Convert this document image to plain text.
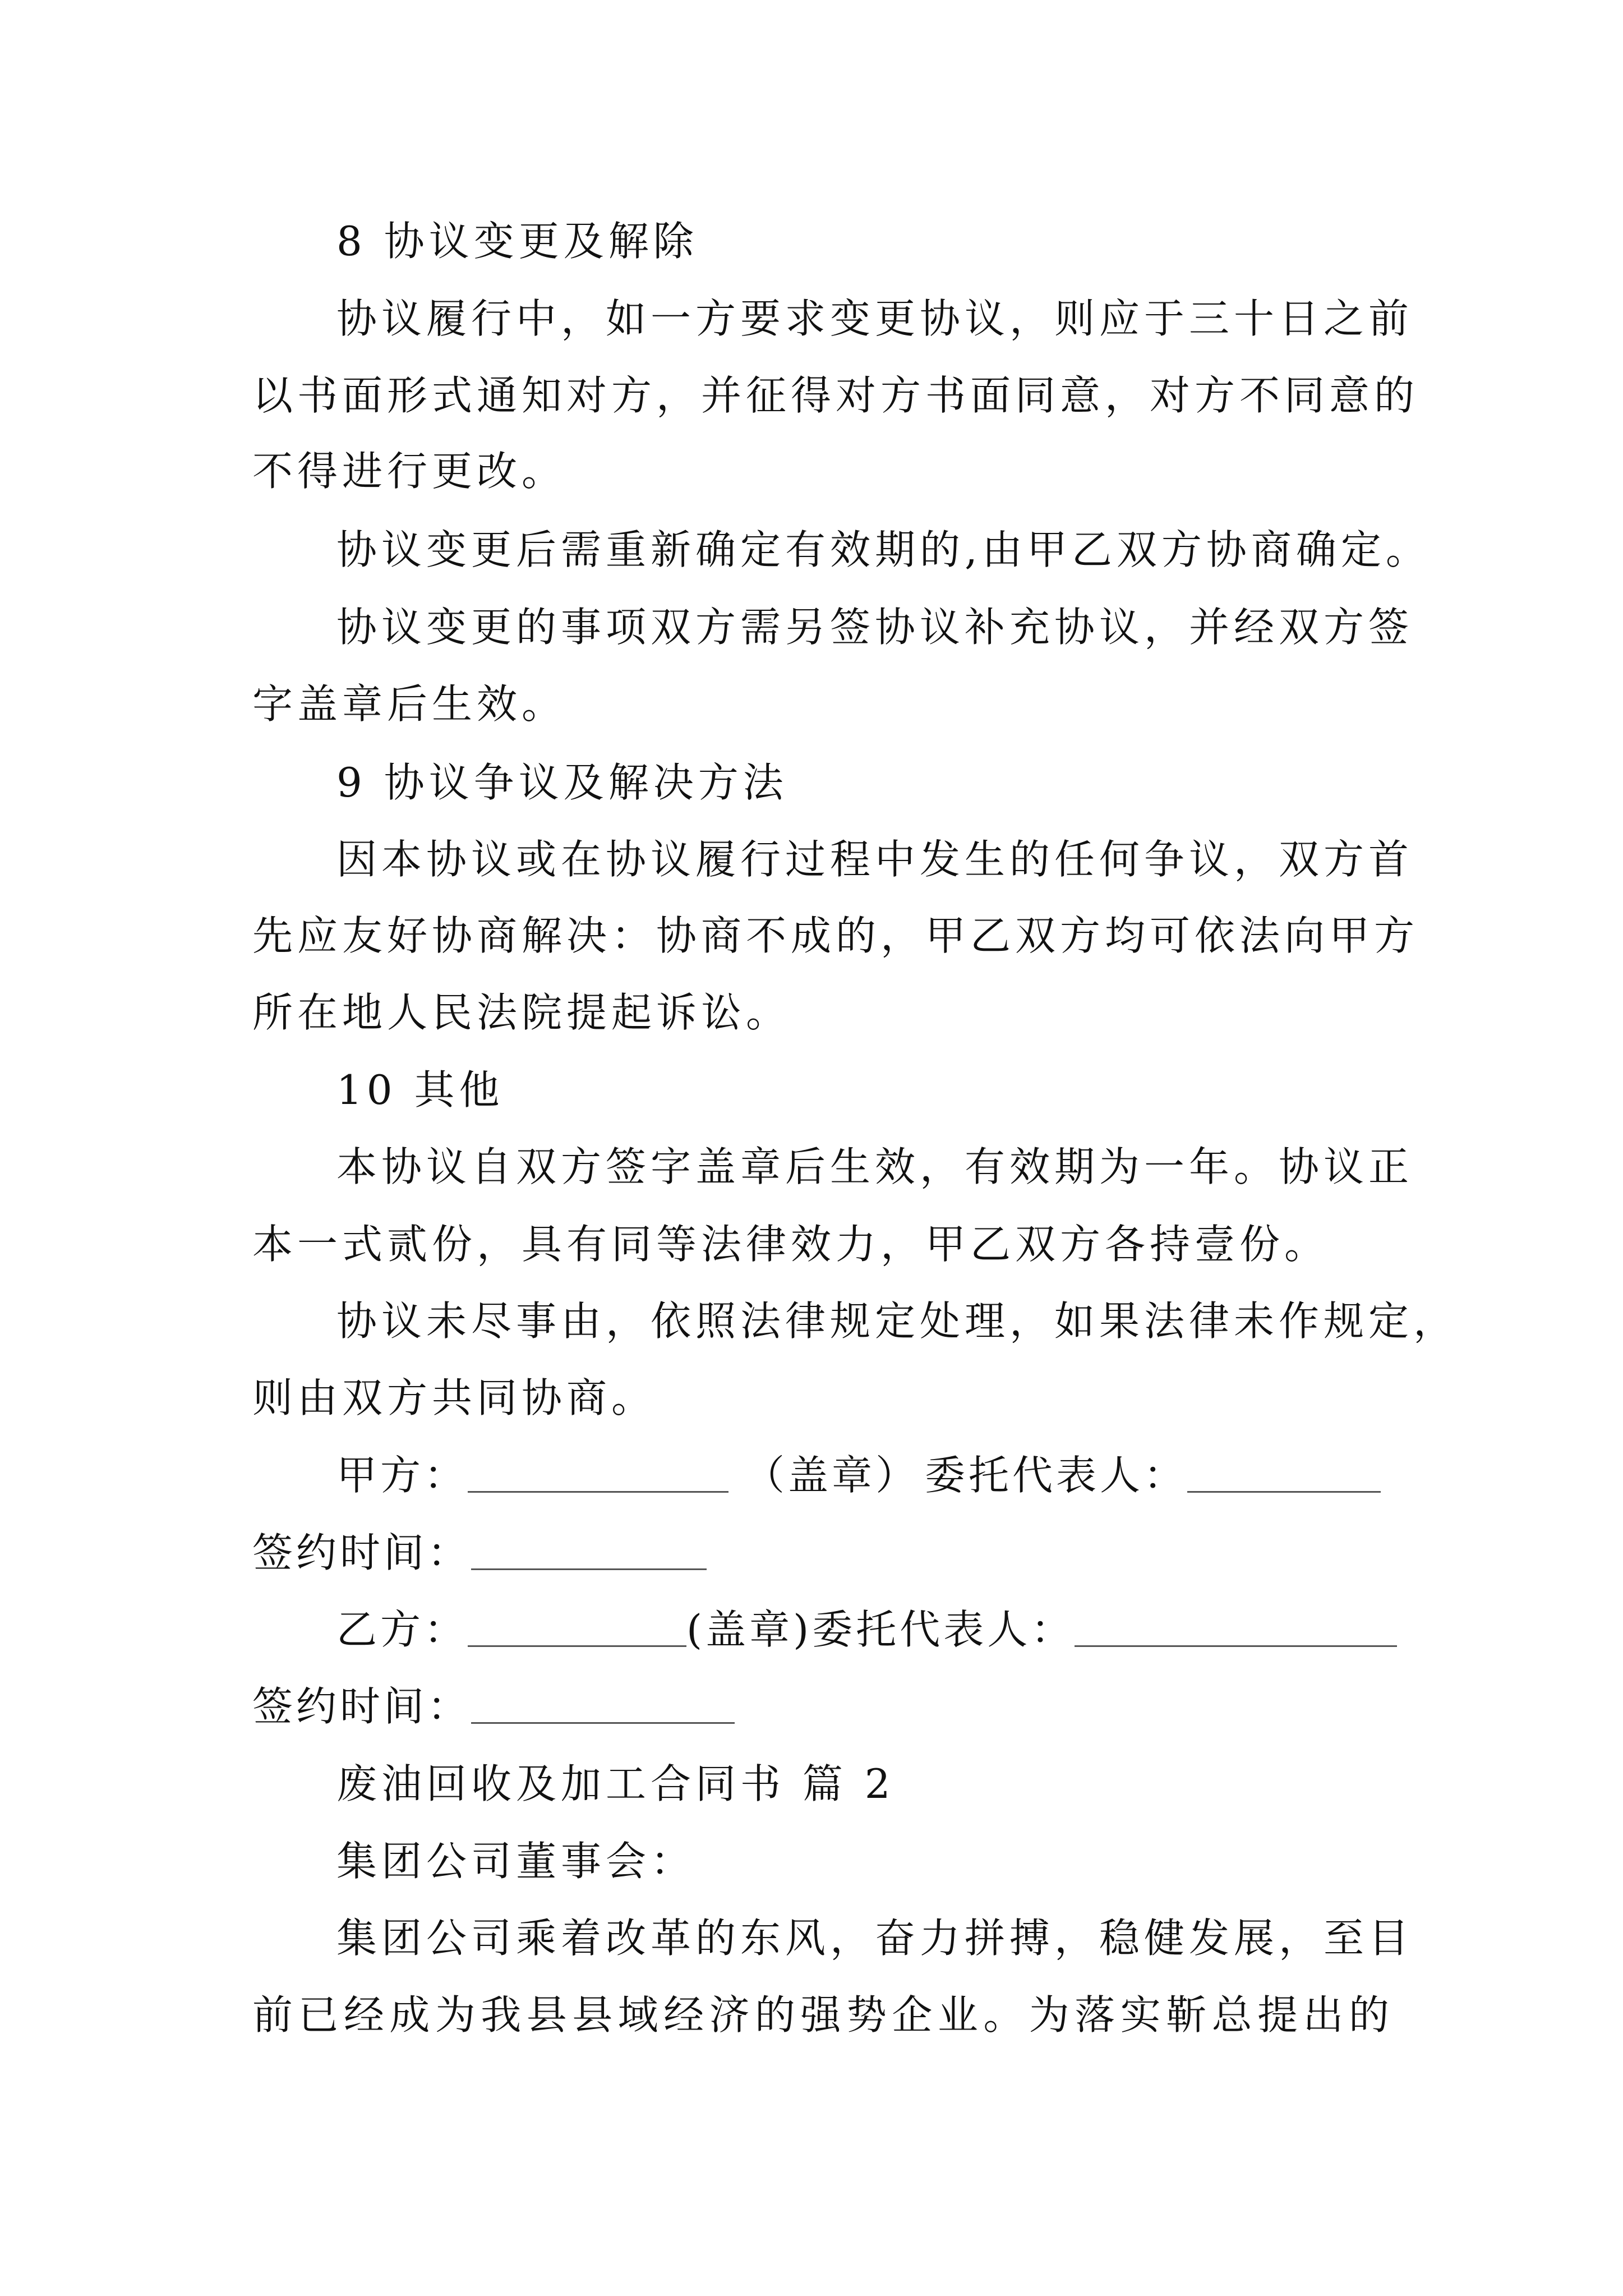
8 协议变更及解除
协议履行中，如一方要求变更协议，则应于三十日之前
以书面形式通知对方，并征得对方书面同意，对方不同意的
不得进行更改。
协议变更后需重新确定有效期的,由甲乙双方协商确定。
协议变更的事项双方需另签协议补充协议，并经双方签
字盖章后生效。
9 协议争议及解决方法
因本协议或在协议履行过程中发生的任何争议，双方首
先应友好协商解决：协商不成的，甲乙双方均可依法向甲方
所在地人民法院提起诉讼。
10 其他
本协议自双方签字盖章后生效，有效期为一年。协议正
本一式贰份，具有同等法律效力，甲乙双方各持壹份。
协议未尽事由，依照法律规定处理，如果法律未作规定，
则由双方共同协商。
甲方：	（盖章） 委托代表人：
签约时间：
乙方：	(盖章)委托代表人：
签约时间：
废油回收及加工合同书 篇 2
集团公司董事会：
集团公司乘着改革的东风，奋力拼搏，稳健发展，至目
前已经成为我县县域经济的强势企业。为落实靳总提出的
